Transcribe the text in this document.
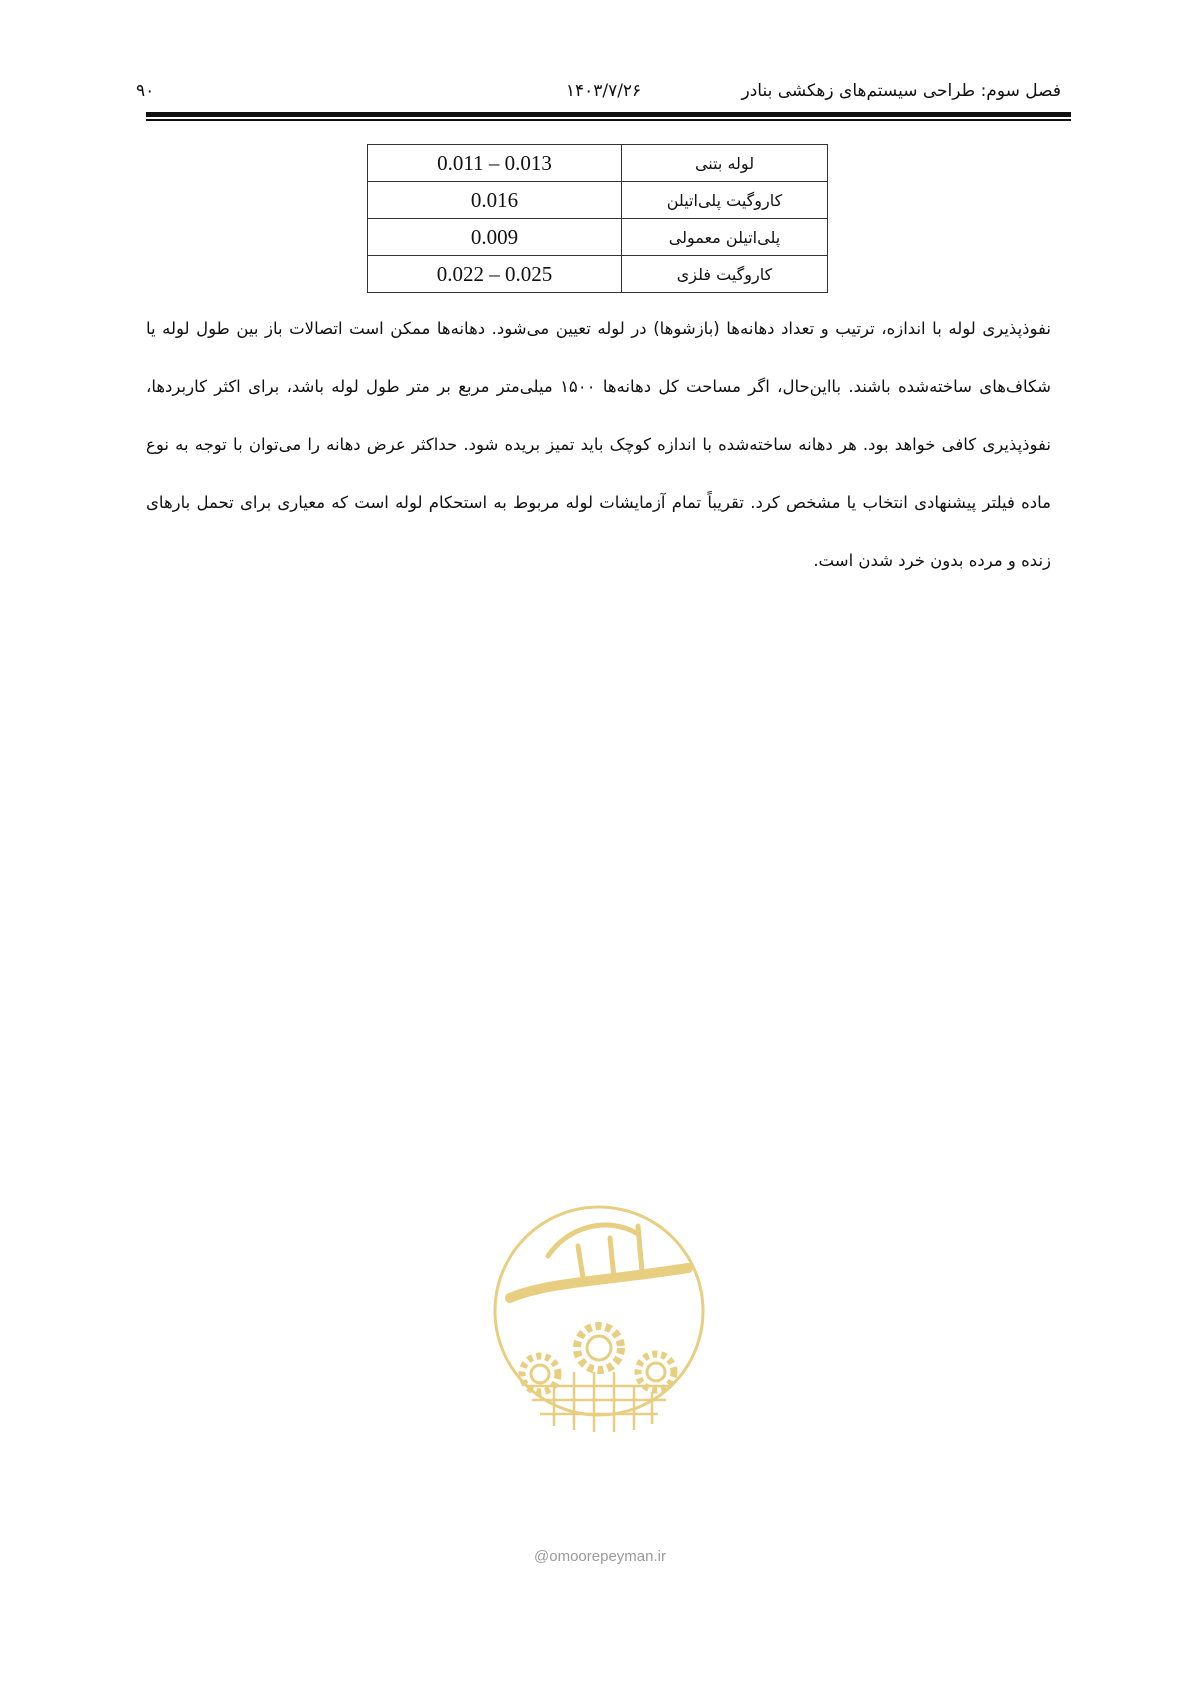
فصل سوم: طراحی سیستم‌های زهکشی بنادر
۱۴۰۳/۷/۲۶
۹۰
0.011 – 0.013	لوله بتنی
0.016	کاروگیت پلی‌اتیلن
0.009	پلی‌اتیلن معمولی
0.022 – 0.025	کاروگیت فلزی

نفوذپذیری لوله با اندازه، ترتیب و تعداد دهانه‌ها (بازشوها) در لوله تعیین می‌شود. دهانه‌ها ممکن است اتصالات باز بین طول لوله یا شکاف‌های ساخته‌شده باشند. بااین‌حال، اگر مساحت کل دهانه‌ها ۱۵۰۰ میلی‌متر مربع بر متر طول لوله باشد، برای اکثر کاربردها، نفوذپذیری کافی خواهد بود. هر دهانه ساخته‌شده با اندازه کوچک باید تمیز بریده شود. حداکثر عرض دهانه را می‌توان با توجه به نوع ماده فیلتر پیشنهادی انتخاب یا مشخص کرد. تقریباً تمام آزمایشات لوله مربوط به استحکام لوله است که معیاری برای تحمل بارهای زنده و مرده بدون خرد شدن است.

@omoorepeyman.ir
